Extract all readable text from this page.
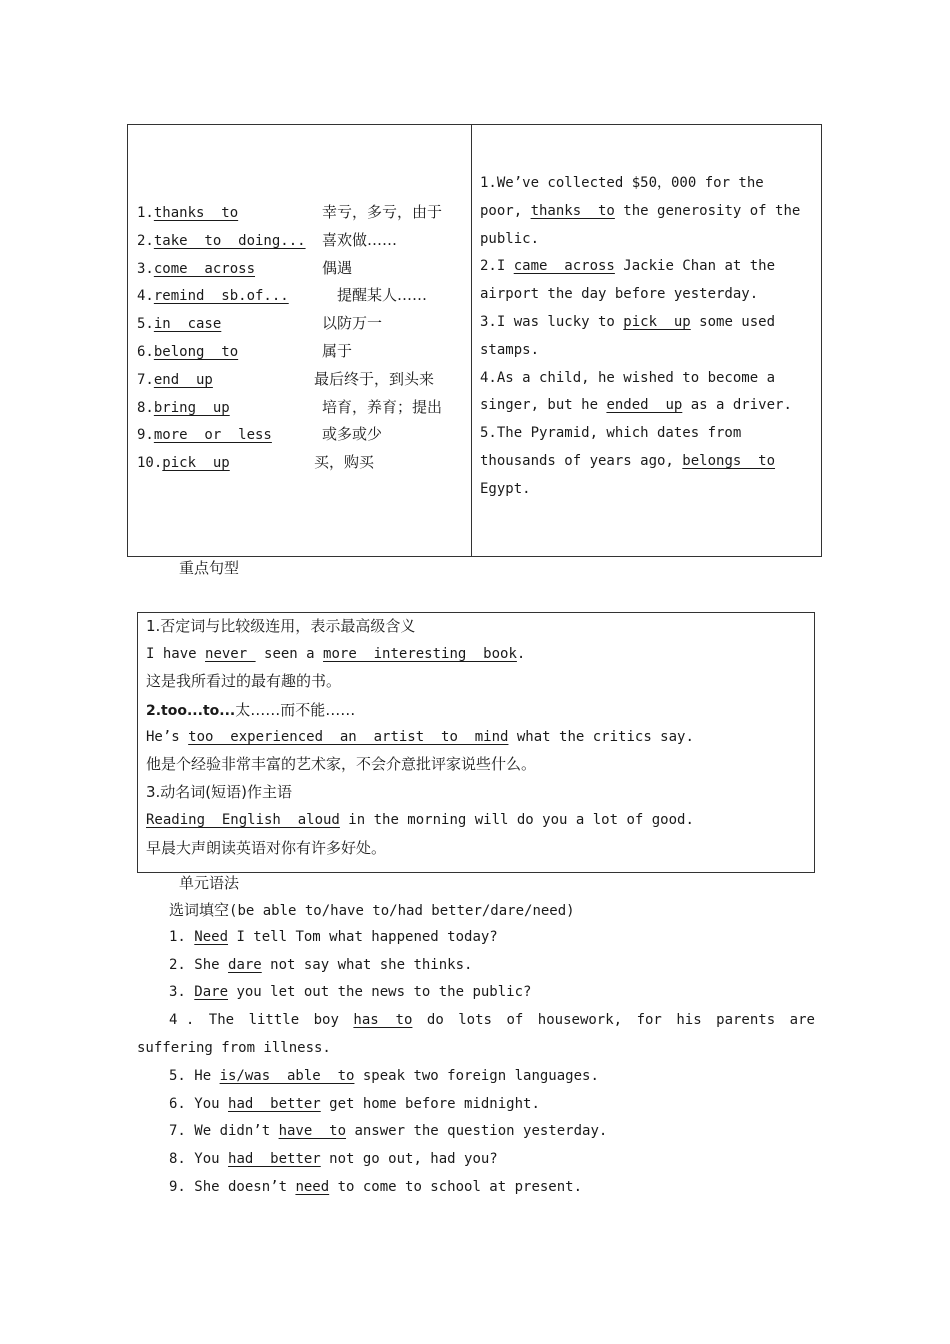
1.thanks  to	幸亏，多亏，由于
2.take  to  doing... 喜欢做……
3.come  across	偶遇
4.remind  sb.of...	提醒某人……
5.in  case	以防万一
6.belong  to	属于
7.end  up	最后终于，到头来
8.bring  up	培育，养育；提出
9.more  or  less	或多或少
10.pick  up	买，购买

1.We’ve collected $50，000 for the poor, thanks  to the generosity of the public.

2.I came  across Jackie Chan at the airport the day before yesterday.

3.I was lucky to pick  up some used stamps.

4.As a child, he wished to become a singer, but he ended  up as a driver.

5.The Pyramid, which dates from thousands of years ago, belongs  to Egypt.

重点句型
1.否定词与比较级连用，表示最高级含义
I have never  seen a more  interesting  book.
这是我所看过的最有趣的书。
2.too...to...太……而不能……
He’s too  experienced  an  artist  to  mind what the critics say.
他是个经验非常丰富的艺术家，不会介意批评家说些什么。
3.动名词(短语)作主语
Reading  English  aloud in the morning will do you a lot of good.
早晨大声朗读英语对你有许多好处。
单元语法
选词填空(be able to/have to/had better/dare/need)
1. Need I tell Tom what happened today?
2. She dare not say what she thinks.
3. Dare you let out the news to the public?
4 . The little boy has  to do lots of housework, for his parents are
suffering from illness.
5. He is/was  able  to speak two foreign languages.
6. You had  better get home before midnight.
7. We didn’t have  to answer the question yesterday.
8. You had  better not go out, had you?
9. She doesn’t need to come to school at present.
